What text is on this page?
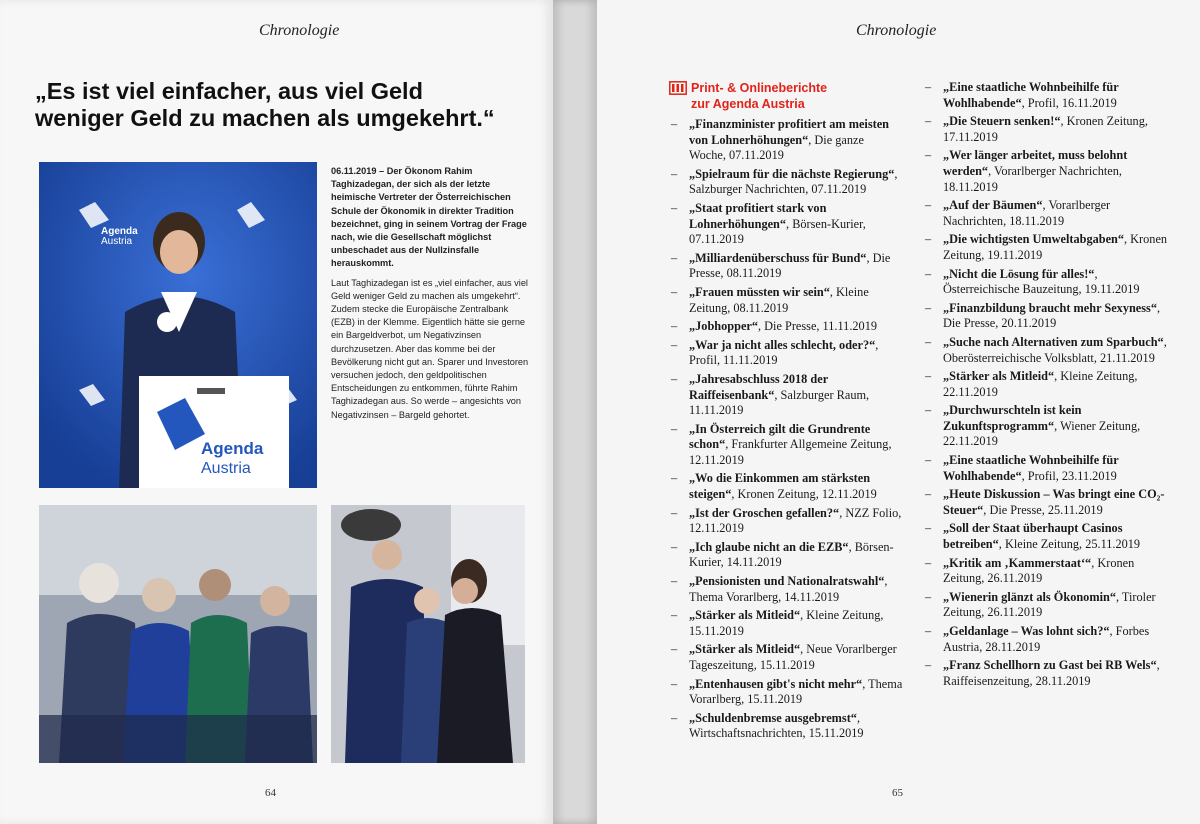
Chronologie
„Es ist viel einfacher, aus viel Geld
weniger Geld zu machen als umgekehrt.“
Agenda
Austria
Agenda
Austria

06.11.2019 – Der Ökonom Rahim Taghizadegan, der sich als der letzte heimische Vertreter der Österreichischen Schule der Ökonomik in direkter Tradition bezeichnet, ging in seinem Vortrag der Frage nach, wie die Gesellschaft möglichst unbeschadet aus der Nullzinsfalle herauskommt.

Laut Taghizadegan ist es „viel einfacher, aus viel Geld weniger Geld zu machen als umgekehrt“. Zudem stecke die Europäische Zentralbank (EZB) in der Klemme. Eigentlich hätte sie gerne ein Bargeldverbot, um Negativzinsen durchzusetzen. Aber das komme bei der Bevölkerung nicht gut an. Sparer und Investoren versuchen jedoch, den geldpolitischen Entscheidungen zu entkommen, führte Rahim Taghizadegan aus. So werde – angesichts von Negativzinsen – Bargeld gehortet.

64
Chronologie
Print- & Onlineberichte
zur Agenda Austria
– „Finanzminister profitiert am meisten von Lohnerhöhungen“, Die ganze Woche, 07.11.2019
– „Spielraum für die nächste Regierung“, Salzburger Nachrichten, 07.11.2019
– „Staat profitiert stark von Lohnerhöhungen“, Börsen-Kurier, 07.11.2019
– „Milliardenüberschuss für Bund“, Die Presse, 08.11.2019
– „Frauen müssten wir sein“, Kleine Zeitung, 08.11.2019
– „Jobhopper“, Die Presse, 11.11.2019
– „War ja nicht alles schlecht, oder?“, Profil, 11.11.2019
– „Jahresabschluss 2018 der Raiffeisenbank“, Salzburger Raum, 11.11.2019
– „In Österreich gilt die Grundrente schon“, Frankfurter Allgemeine Zeitung, 12.11.2019
– „Wo die Einkommen am stärksten steigen“, Kronen Zeitung, 12.11.2019
– „Ist der Groschen gefallen?“, NZZ Folio, 12.11.2019
– „Ich glaube nicht an die EZB“, Börsen-Kurier, 14.11.2019
– „Pensionisten und Nationalratswahl“, Thema Vorarlberg, 14.11.2019
– „Stärker als Mitleid“, Kleine Zeitung, 15.11.2019
– „Stärker als Mitleid“, Neue Vorarlberger Tageszeitung, 15.11.2019
– „Entenhausen gibt's nicht mehr“, Thema Vorarlberg, 15.11.2019
– „Schuldenbremse ausgebremst“, Wirtschaftsnachrichten, 15.11.2019
– „Eine staatliche Wohnbeihilfe für Wohlhabende“, Profil, 16.11.2019
– „Die Steuern senken!“, Kronen Zeitung, 17.11.2019
– „Wer länger arbeitet, muss belohnt werden“, Vorarlberger Nachrichten, 18.11.2019
– „Auf der Bäumen“, Vorarlberger Nachrichten, 18.11.2019
– „Die wichtigsten Umweltabgaben“, Kronen Zeitung, 19.11.2019
– „Nicht die Lösung für alles!“, Österreichische Bauzeitung, 19.11.2019
– „Finanzbildung braucht mehr Sexyness“, Die Presse, 20.11.2019
– „Suche nach Alternativen zum Sparbuch“, Oberösterreichische Volksblatt, 21.11.2019
– „Stärker als Mitleid“, Kleine Zeitung, 22.11.2019
– „Durchwurschteln ist kein Zukunftsprogramm“, Wiener Zeitung, 22.11.2019
– „Eine staatliche Wohnbeihilfe für Wohlhabende“, Profil, 23.11.2019
– „Heute Diskussion – Was bringt eine CO₂-Steuer“, Die Presse, 25.11.2019
– „Soll der Staat überhaupt Casinos betreiben“, Kleine Zeitung, 25.11.2019
– „Kritik am ‚Kammerstaat‘“, Kronen Zeitung, 26.11.2019
– „Wienerin glänzt als Ökonomin“, Tiroler Zeitung, 26.11.2019
– „Geldanlage – Was lohnt sich?“, Forbes Austria, 28.11.2019
– „Franz Schellhorn zu Gast bei RB Wels“, Raiffeisenzeitung, 28.11.2019
65
